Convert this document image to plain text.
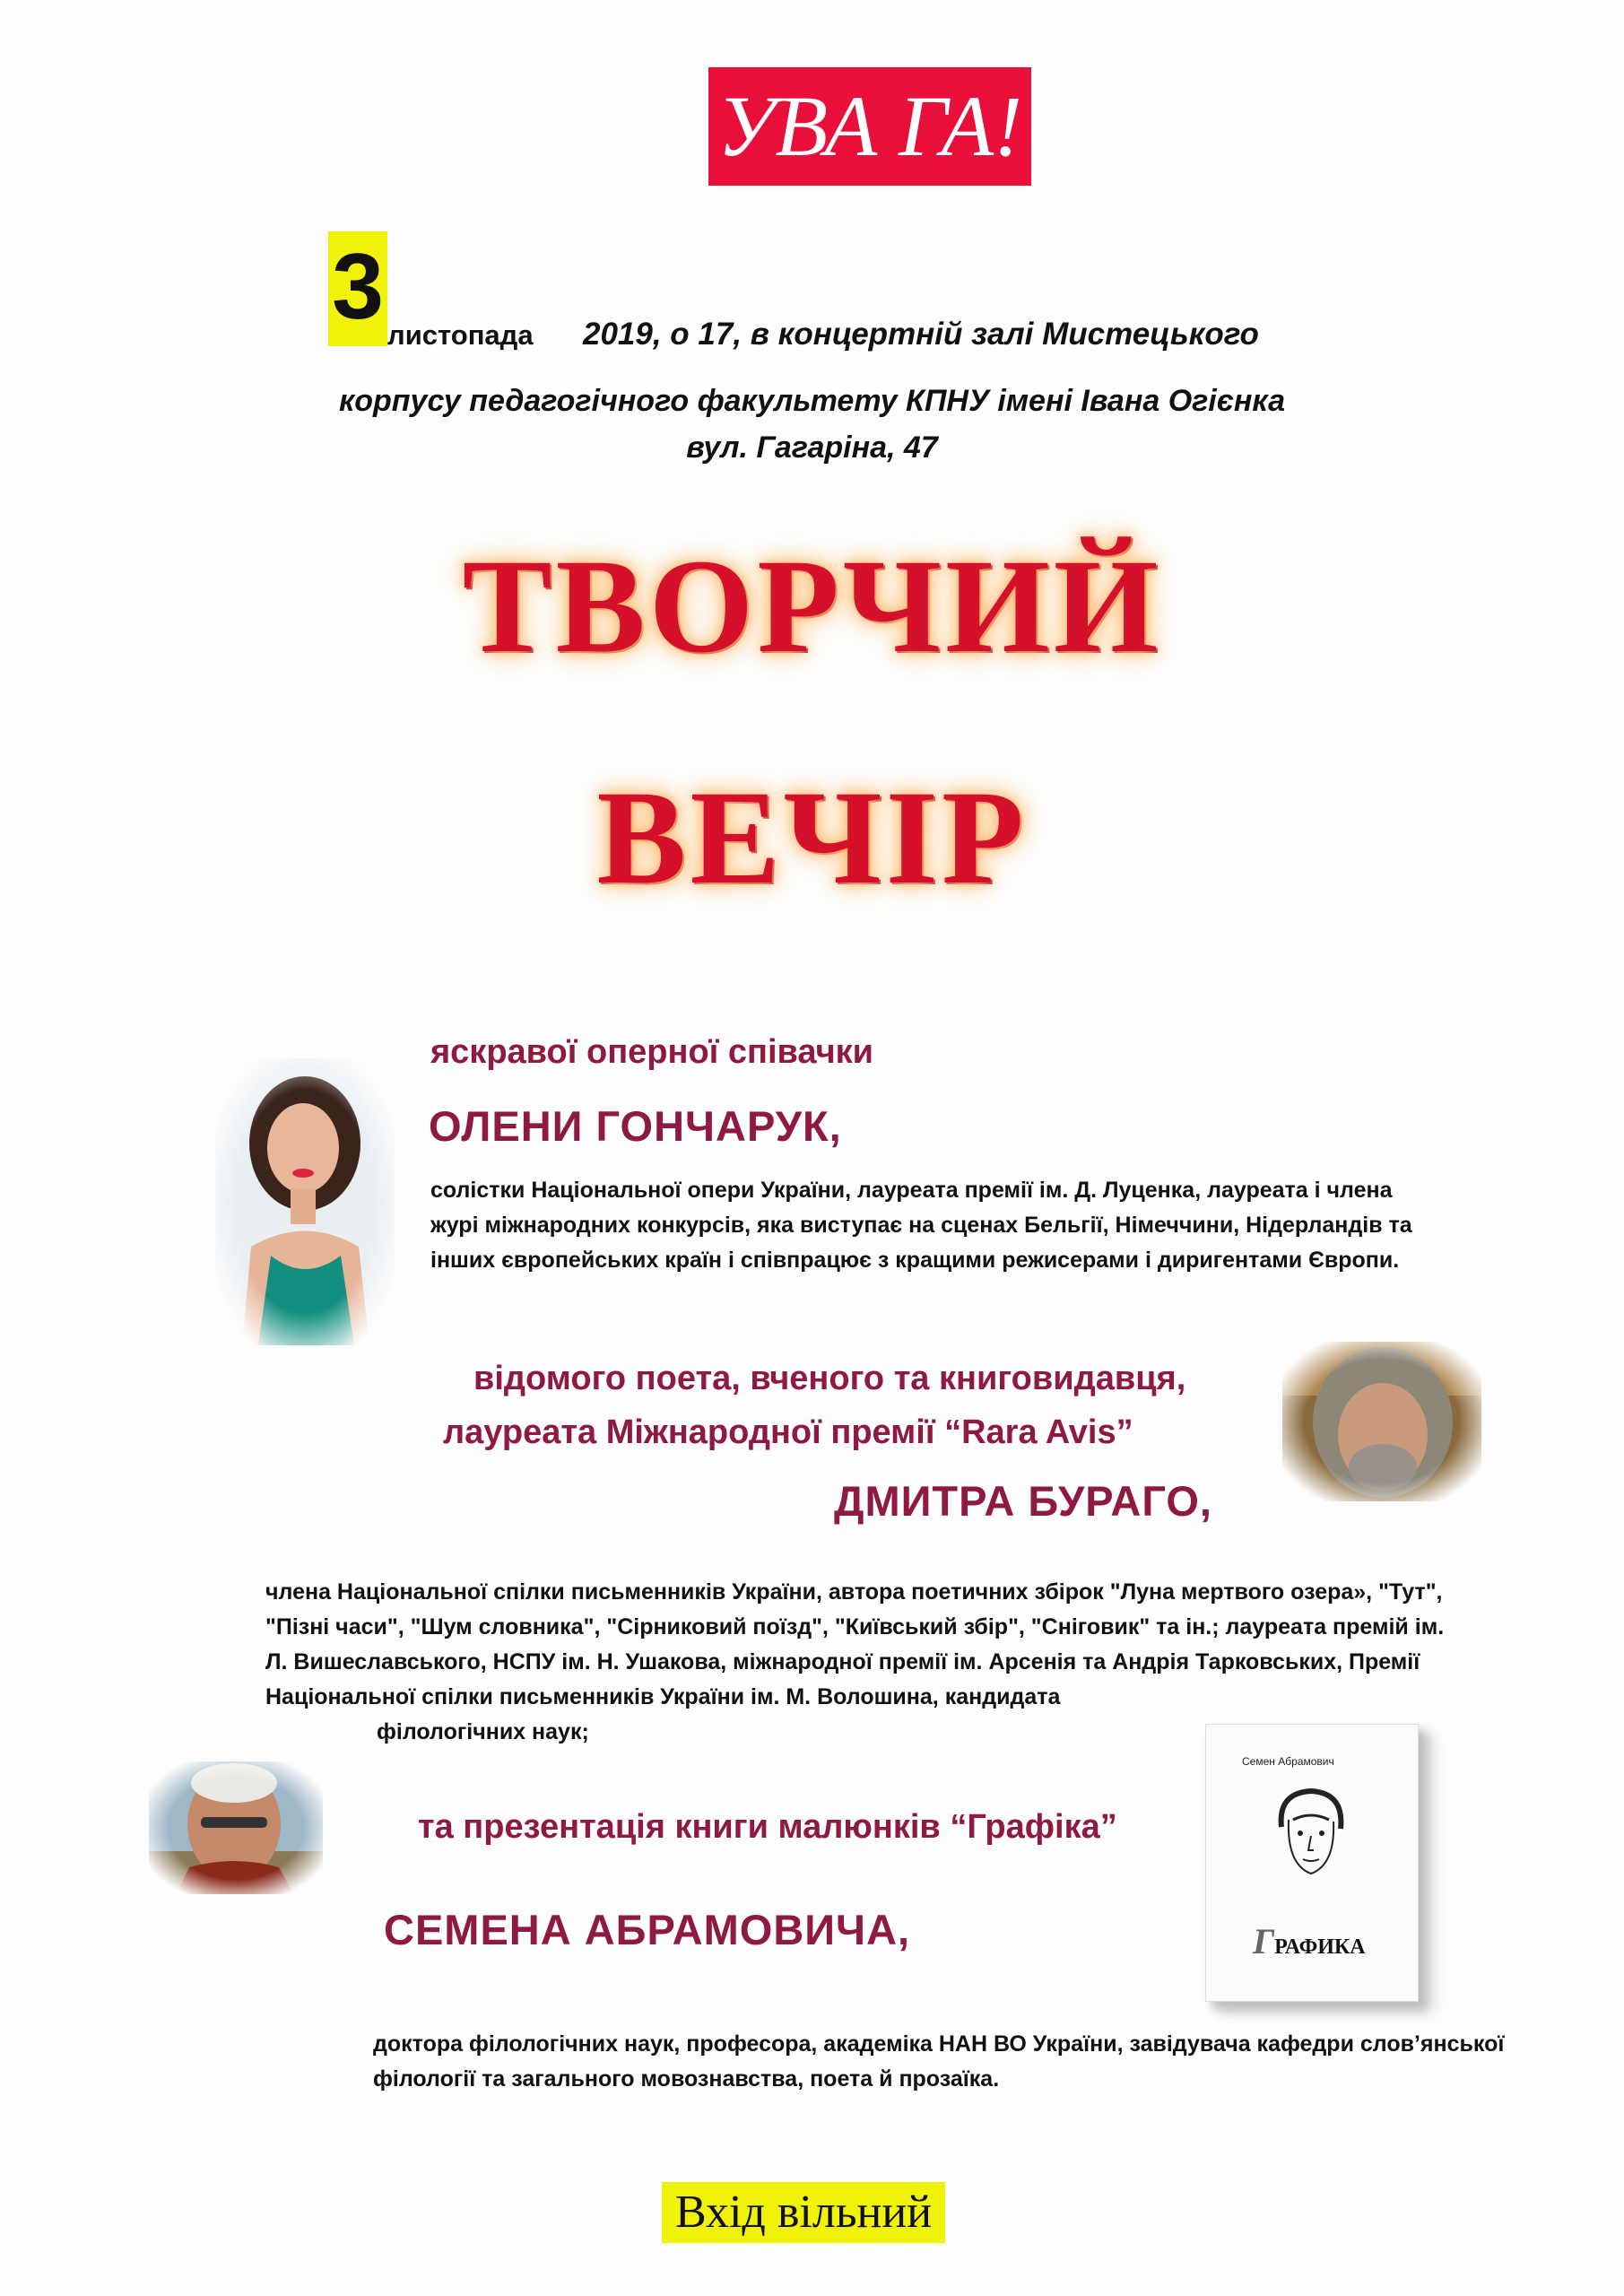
УВА ГА!
3 листопада 2019, о 17, в концертній залі Мистецького
корпусу педагогічного факультету КПНУ імені Івана Огієнка
вул. Гагаріна, 47
ТВОРЧИЙ
ВЕЧІР
яскравої оперної співачки
ОЛЕНИ ГОНЧАРУК,
солістки Національної опери України, лауреата премії ім. Д. Луценка, лауреата і члена
журі міжнародних конкурсів, яка виступає на сценах Бельгії, Німеччини, Нідерландів та
інших європейських країн і співпрацює з кращими режисерами і диригентами Європи.
відомого поета, вченого та книговидавця,
лауреата Міжнародної премії “Rara Avis”
ДМИТРА БУРАГО,
члена Національної спілки письменників України, автора поетичних збірок "Луна мертвого озера», "Тут",
"Пізні часи", "Шум словника", "Сірниковий поїзд", "Київський збір", "Сніговик" та ін.; лауреата премій ім.
Л. Вишеславського, НСПУ ім. Н. Ушакова, міжнародної премії ім. Арсенія та Андрія Тарковських, Премії
Національної спілки письменників України ім. М. Волошина, кандидата
філологічних наук;
та презентація книги малюнків “Графіка”
СЕМЕНА АБРАМОВИЧА,
Семен Абрамович
ГРАФИКА
доктора філологічних наук, професора, академіка НАН ВО України, завідувача кафедри слов’янської
філології та загального мовознавства, поета й прозаїка.
Вхід вільний
